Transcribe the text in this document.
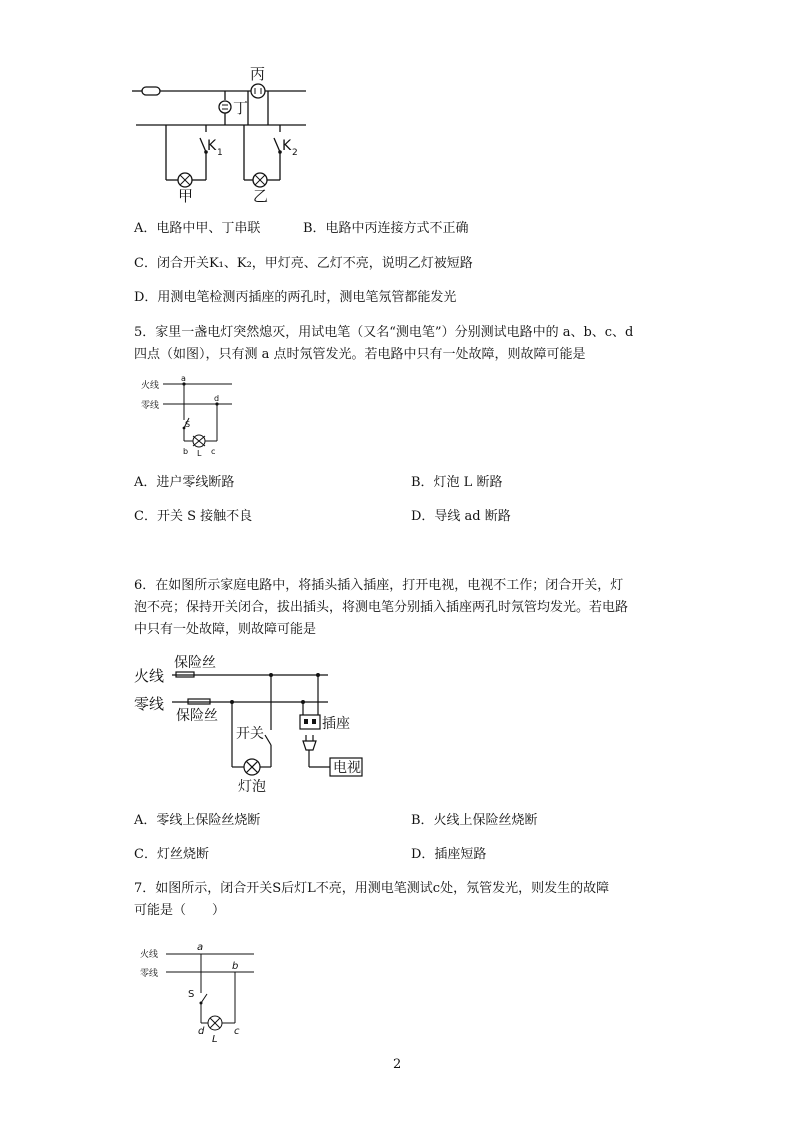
丙
丁
K 1	K 2
甲	乙
A．电路中甲、丁串联	B．电路中丙连接方式不正确
C．闭合开关K₁、K₂，甲灯亮、乙灯不亮，说明乙灯被短路
D．用测电笔检测丙插座的两孔时，测电笔氖管都能发光
5．家里一盏电灯突然熄灭，用试电笔（又名“测电笔”）分别测试电路中的 a、b、c、d
四点（如图），只有测 a 点时氖管发光。若电路中只有一处故障，则故障可能是
火线
零线
a
d
S
b L c
A．进户零线断路	B．灯泡 L 断路
C．开关 S 接触不良	D．导线 ad 断路
6．在如图所示家庭电路中，将插头插入插座，打开电视，电视不工作；闭合开关，灯
泡不亮；保持开关闭合，拔出插头，将测电笔分别插入插座两孔时氖管均发光。若电路
中只有一处故障，则故障可能是
火线
零线
保险丝
保险丝
开关
插座
灯泡
电视
A．零线上保险丝烧断	B．火线上保险丝烧断
C．灯丝烧断	D．插座短路
7．如图所示，闭合开关S后灯L不亮，用测电笔测试c处，氖管发光，则发生的故障
可能是（　　）
火线
零线
a
b
S
d
L
c
2
